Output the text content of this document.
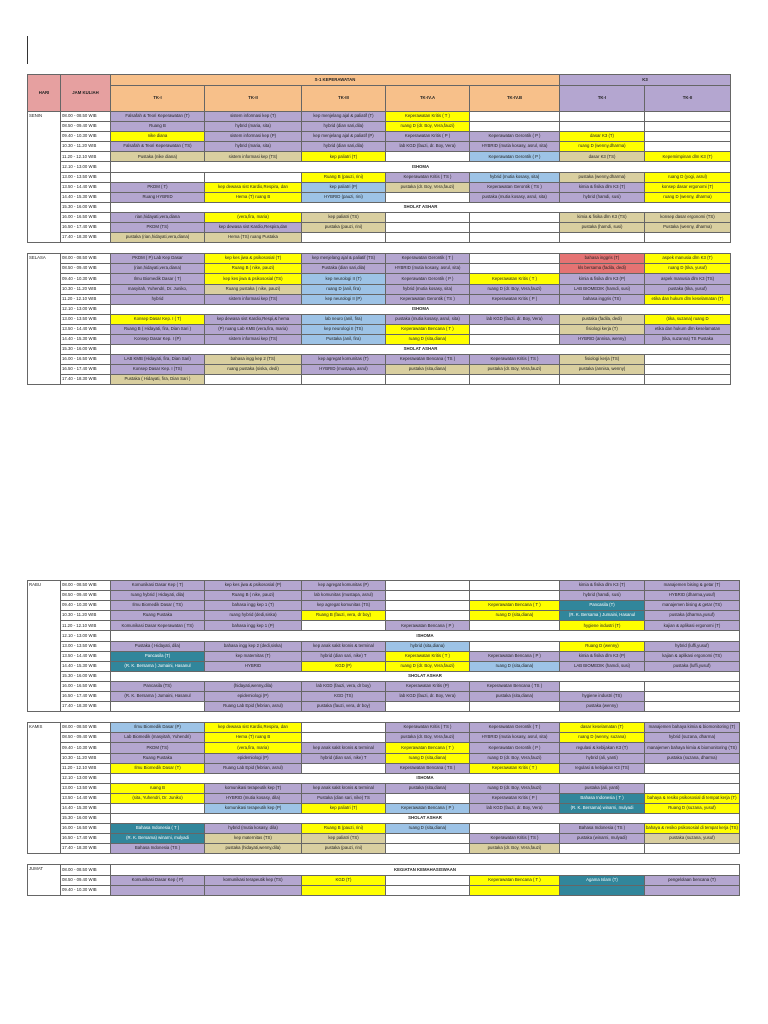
HARI	JAM KULIAH	S-1 KEPERAWATAN					K3	
		TK-I	TK-II	TK-III	TK-IV.A	TK-IV.B	TK-I	TK-II
SENIN	08.00 - 08.50 WIB	Falsafah & Teori Keperawatan (T)	sistem informasi kep (T)	kep menjelang ajal & paliatif (T)	Keperawatan Kritis ( T )			
	08.50 - 09.40 WIB	Ruang B	hybrid (maria, sita)	hybrid (dian sari,dila)	ruang D (dr. Boy, Vera,fauzi)			
	09.40 - 10.30 WIB	nike diana	sistem informasi kep (P)	kep menjelang ajal & paliatif (P)	Keperawatan Kritis ( P )	Keperawatan Gerontik ( P )	dasar K3 (T)	
	10.30 - 11.20 WIB	Falsafah & Teori Keperawatan ( TS)	hybrid (maria, sita)	hybrid (dian sari,dila)	lab KGD (fauzi, dr. Boy, Vera)	HYBRID (mutia kosasy, asrul, sita)	ruang D (wenny,dharma)	
	11.20 - 12.10 WIB	Pustaka (nike diana)	sistem informasi kep (TS)	kep paliatri (T)		Keperawatan Gerontik ( P )	dasar K3 (TS)	Kepemimpinan dlm K3 (T)
	12.10 - 13.00 WIB	ISHOMA						
	13.00 - 13.50 WIB			Ruang B (pauzi, rini)	Keperawatan Kritis ( TS )	hybrid (mutia kosasy, sita)	pustaka (wenny,dharma)	ruang D (yogi, asrul)
	13.50 - 14.40 WIB	PKDM ( T)	kep dewasa sist Kardio,Respira, dan	kep paliatri (P)	pustaka (dr. Boy, Vera,fauzi)	Keperawatan Gerontik ( TS )	kimia & fisika dlm K3 (T)	konsep dasar ergonomi (T)
	14.40 - 15.30 WIB	Ruang HYBRID	Hema (T) ruang B	HYBRID (pauzi, rini)		pustaka (mutia kosasy, asrul, sita)	hybrid (hamdi, susi)	ruang D (wenny, dharma)
	15.30 - 16.00 WIB	SHOLAT ASHAR						
	16.00 - 16.50 WIB	rian,hidayati,vera,diana	(vera,fira, maria)	kep paliatri (TS)			kimia & fisika dlm K3 (TS)	konsep dasar ergonomi (TS)
	16.50 - 17.40 WIB	PKDM (TS)	kep dewasa sist Kardio,Respira,dan	pustaka (pauzi, rini)			pustaka (hamdi, susi)	Pustaka (wenny, dharma)
	17.40 - 18.30 WIB	pustaka (rian,hidayati,vera,diana)	Hema (TS) ruang Pustaka					

SELASA	08.00 - 08.50 WIB	PKDM ( P) Lab Kep Dasar	kep kes jiwa & psikososial (T)	kep menjelang ajal & paliatif (TS)	Keperawatan Gerontik ( T )		bahasa inggris (T)	aspek manusia dlm K3 (T)
	08.50 - 09.40 WIB	(rian,hidayati,vera,diana)	Ruang B ( nike, pauzi)	Pustaka (dian sari,dila)	HYBRID (mutia kosasy, asrul, sita)		kls bersama (fadila, dedi)	ruang D (tika, yusuf)
	09.40 - 10.30 WIB	Ilmu Biomedik Dasar ( T)	kep kes jiwa & psikososial (TS)	kep neurologi II (T)	Keperawatan Gerontik ( P )	Keperawatan Kritis ( T )	kimia & fisika dlm K3 (P)	aspek manusia dlm K3 (TS)
	10.30 - 11.20 WIB	masyitah, Yuhendri, Dr. Juniko,	Ruang pustaka ( nike, pauzi)	ruang D (anil, fira)	hybrid (mutia kosasy, sita)	ruang D (dr. Boy, Vera,fauzi)	LAB BIOMEDIK (hamdi, susi)	pustaka (tika, yusuf)
	11.20 - 12.10 WIB	hybrid	sistem informasi kep (TS)	kep neurologi II (P)	Keperawatan Gerontik ( TS )	Keperawatan Kritis ( P )	bahasa inggris (TS)	etika dan hukum dlm keselamatan (T)
	12.10 - 13.00 WIB	ISHOMA						
	13.00 - 13.50 WIB	Konsep Dasar Kep. I ( T)	kep dewasa sist Kardio,Respi,& hema	lab neuro (anil, fira)	pustaka (mutia kosasy, asrul, sita)	lab KGD (fauzi, dr. Boy, Vera)	pustaka (fadila, dedi)	(tika, suzana) ruang D
	13.50 - 14.40 WIB	Ruang B ( Hidayati, fira, Dian Sari )	(P) ruang Lab KMB (vera,fira, maria)	kep neurologi II (TS)	Keperawatan Bencana ( T )		fisiologi kerja (T)	etika dan hukum dlm keselamatan
	14.40 - 15.30 WIB	Konsep Dasar Kep. I (P)	sistem informasi kep (TS)	Pustaka (anil, fira)	ruang D (sita,diana)		HYBRID (annisa, wenny)	(tika, suzanna) TS Pustaka
	15.30 - 16.00 WIB	SHOLAT ASHAR						
	16.00 - 16.50 WIB	LAB KMB (Hidayati, fira, Dian Sari)	bahasa ingg kep 2 (TS)	kep agregat komunitas (T)	Keperawatan Bencana ( TS )	Keperawatan Kritis ( TS )	fisiologi kerja (TS)	
	16.50 - 17.40 WIB	Konsep Dasar Kep. I (TS)	ruang pustaka (siska, dedi)	HYBRID (mustapa, asrul)	pustaka (sita,diana)	pustaka (dr. Boy, Vera,fauzi)	pustaka (annisa, wenny)	
	17.40 - 18.30 WIB	Pustaka ( Hidayati, fira, Dian Sari )						

RABU	08.00 - 08.50 WIB	Komunikasi Dasar Kep ( T)	kep kes jiwa & psikososial (P)	kep agregat komunitas (P)			kimia & fisika dlm K3 (T)	manajemen bising & getar (T)
	08.50 - 09.40 WIB	ruang hybrid ( Hidayati, dila)	Ruang B ( nike, pauzi)	lab komunitas (mustapa, asrul)			hybrid (hamdi, susi)	HYBRID (dharma,yusuf)
	09.40 - 10.30 WIB	Ilmu Biomedik Dasar ( TS)	bahasa ingg kep 1 (T)	kep agregat komunitas (TS)		Keperawatan Bencana ( T )	Pancasila (T)	manajemen bising & getar (TS)
	10.30 - 11.20 WIB	Ruang Pustaka	ruang hybrid (dedi,siska)	Ruang B (fauzi, vera, dr boy)		ruang D (sita,diana)	(R. K. Bersama ) Jumaini, Hasanul	pustaka (dharma,yusuf)
	11.20 - 12.10 WIB	Komunikasi Dasar Keperawatan ( TS)	bahasa ingg kep 1 (P)		Keperawatan Bencana ( P )		hygiene industri (T)	kajian & aplikasi ergonomi (T)
	12.10 - 13.00 WIB	ISHOMA						
	13.00 - 13.50 WIB	Pustaka ( Hidayati, dila)	bahasa ingg kep 2 (dedi,siska)	kep anak sakit kronis & terminal	hybrid (sita,diana)		Ruang D (wenny)	hybrid (luffi,yusuf)
	13.50 - 14.40 WIB	Pancasila (T)	kep maternitas (T)	hybrid (dian sari, nike) T	Keperawatan Kritis ( T )	Keperawatan Bencana ( P )	kimia & fisika dlm K3 (P)	kajian & aplikasi ergonomi (TS)
	14.40 - 15.30 WIB	(R. K. Bersama ) Jumaini, Hasanul	HYBRID	KGD (P)	ruang D (dr. Boy, Vera,fauzi)	ruang D (sita,diana)	LAB BIOMEDIK (hamdi, susi)	pustaka (luffi,yusuf)
	15.30 - 16.00 WIB	SHOLAT ASHAR						
	16.00 - 16.50 WIB	Pancasila (TS)	(hidayati,wenny,dila)	lab KGD (fauzi, vera, dr boy)	Keperawatan Kritis (P)	Keperawatan Bencana ( TS )		
	16.50 - 17.40 WIB	(R. K. Bersama ) Jumaini, Hasanul	epidemiologi (P)	KGD (TS)	lab KGD (fauzi, dr. Boy, Vera)	pustaka (sita,diana)	hygiene industri (TS)	
	17.40 - 18.30 WIB		Ruang Lab Epid (febrian, asrul)	pustaka (fauzi, vera, dr boy)			pustaka (wenny)	

KAMIS	08.00 - 08.50 WIB	Ilmu Biomedik Dasar (P)	kep dewasa sist Kardio,Respira, dan		Keperawatan Kritis ( TS )	Keperawatan Gerontik ( T )	dasar keselamatan (T)	manajemen bahaya kimia & biomonitoring (T)
	08.50 - 09.40 WIB	Lab Biomedik (masyitah, Yuhendri)	Hema (T) ruang B		pustaka (dr. Boy, Vera,fauzi)	HYBRID (mutia kosasy, asrul, sita)	ruang D (wenny, suzana)	hybrid (suzana, dharma)
	09.40 - 10.30 WIB	PKDM (TS)	(vera,fira, maria)	kep anak sakit kronis & terminal	Keperawatan Bencana ( T )	Keperawatan Gerontik ( P )	regulasi & kebijakan K3 (T)	manajemen bahaya kimia & biomonitoring (TS)
	10.30 - 11.20 WIB	Ruang Pustaka	epidemiologi (P)	hybrid (dian sari, nike) T	ruang D (sita,diana)	ruang D (dr. Boy, Vera,fauzi)	hybrid (ali, yanti)	pustaka (suzana, dharma)
	11.20 - 12.10 WIB	Ilmu Biomedik Dasar (T)	Ruang Lab Epid (febrian, asrul)		Keperawatan Bencana ( TS )	Keperawatan Kritis ( T )	regulasi & kebijakan K3 (TS)	
	12.10 - 13.00 WIB	ISHOMA						
	13.00 - 13.50 WIB	ruang B	komunikasi terapeutik kep (T)	kep anak sakit kronis & terminal	pustaka (sita,diana)	ruang D (dr. Boy, Vera,fauzi)	pustaka (ali, yanti)	
	13.50 - 14.40 WIB	(sita, Yuhendri, Dr. Juniko)	HYBRID (mutia kosasy, dila)	Pustaka (dian sari, nike) TS		Keperawatan Kritis ( P )	Bahasa Indonesia ( T )	bahaya & resiko psikososial di tempat kerja (T)
	14.40 - 15.30 WIB		komunikasi terapeutik kep (P)	kep paliatri (T)	Keperawatan Bencana ( P )	lab KGD (fauzi, dr. Boy, Vera)	(R. K. Bersama) winarni, mulyadi	Ruang D (suzana, yusuf)
	15.30 - 16.00 WIB	SHOLAT ASHAR						
	16.00 - 16.50 WIB	Bahasa Indonesia ( T )	hybrid (mutia kosasy, dila)	Ruang B (pauzi, rini)	ruang D (sita,diana)		Bahasa Indonesia ( TS )	bahaya & resiko psikososial di tempat kerja (TS)
	16.50 - 17.40 WIB	(R. K. Bersama) winarni, mulyadi	kep maternitas (TS)	kep paliatri (TS)		Keperawatan Kritis ( TS )	pustaka (winarni, mulyadi)	pustaka (suzana, yusuf)
	17.40 - 18.30 WIB	Bahasa Indonesia (TS )	pustaka (hidayati,wenny,dila)	pustaka (pauzi, rini)		pustaka (dr. Boy, Vera,fauzi)		

JUMAT	08.00 - 08.50 WIB	KEGIATAN KEMAHASISWAAN						
	08.50 - 09.40 WIB	Komunikasi Dasar Kep ( P)	komunikasi terapeutik kep (TS)	KGD (T)		Keperawatan Bencana ( T )	Agama Islam (T)	pengelolaan bencana (T)
	09.40 - 10.30 WIB							
